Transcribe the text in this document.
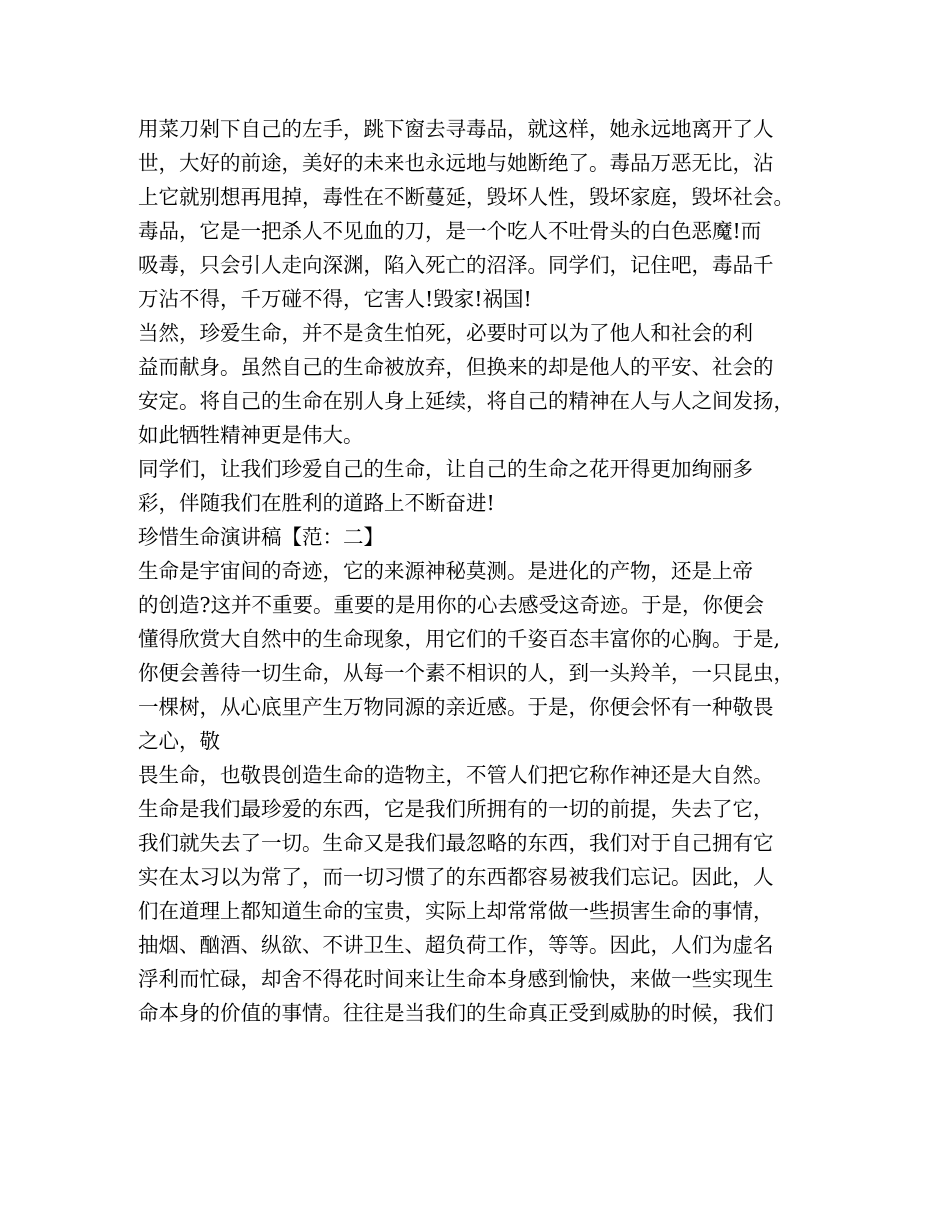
用菜刀剁下自己的左手，跳下窗去寻毒品，就这样，她永远地离开了人
世，大好的前途，美好的未来也永远地与她断绝了。毒品万恶无比，沾
上它就别想再甩掉，毒性在不断蔓延，毁坏人性，毁坏家庭，毁坏社会。
毒品，它是一把杀人不见血的刀，是一个吃人不吐骨头的白色恶魔!而
吸毒，只会引人走向深渊，陷入死亡的沼泽。同学们，记住吧，毒品千
万沾不得，千万碰不得，它害人!毁家!祸国!
当然，珍爱生命，并不是贪生怕死，必要时可以为了他人和社会的利
益而献身。虽然自己的生命被放弃，但换来的却是他人的平安、社会的
安定。将自己的生命在别人身上延续，将自己的精神在人与人之间发扬，
如此牺牲精神更是伟大。
同学们，让我们珍爱自己的生命，让自己的生命之花开得更加绚丽多
彩，伴随我们在胜利的道路上不断奋进!
珍惜生命演讲稿【范：二】
生命是宇宙间的奇迹，它的来源神秘莫测。是进化的产物，还是上帝
的创造?这并不重要。重要的是用你的心去感受这奇迹。于是，你便会
懂得欣赏大自然中的生命现象，用它们的千姿百态丰富你的心胸。于是,
你便会善待一切生命，从每一个素不相识的人，到一头羚羊，一只昆虫，
一棵树，从心底里产生万物同源的亲近感。于是，你便会怀有一种敬畏
之心，敬
畏生命，也敬畏创造生命的造物主，不管人们把它称作神还是大自然。
生命是我们最珍爱的东西，它是我们所拥有的一切的前提，失去了它，
我们就失去了一切。生命又是我们最忽略的东西，我们对于自己拥有它
实在太习以为常了，而一切习惯了的东西都容易被我们忘记。因此，人
们在道理上都知道生命的宝贵，实际上却常常做一些损害生命的事情，
抽烟、酗酒、纵欲、不讲卫生、超负荷工作，等等。因此，人们为虚名
浮利而忙碌，却舍不得花时间来让生命本身感到愉快，来做一些实现生
命本身的价值的事情。往往是当我们的生命真正受到威胁的时候，我们
